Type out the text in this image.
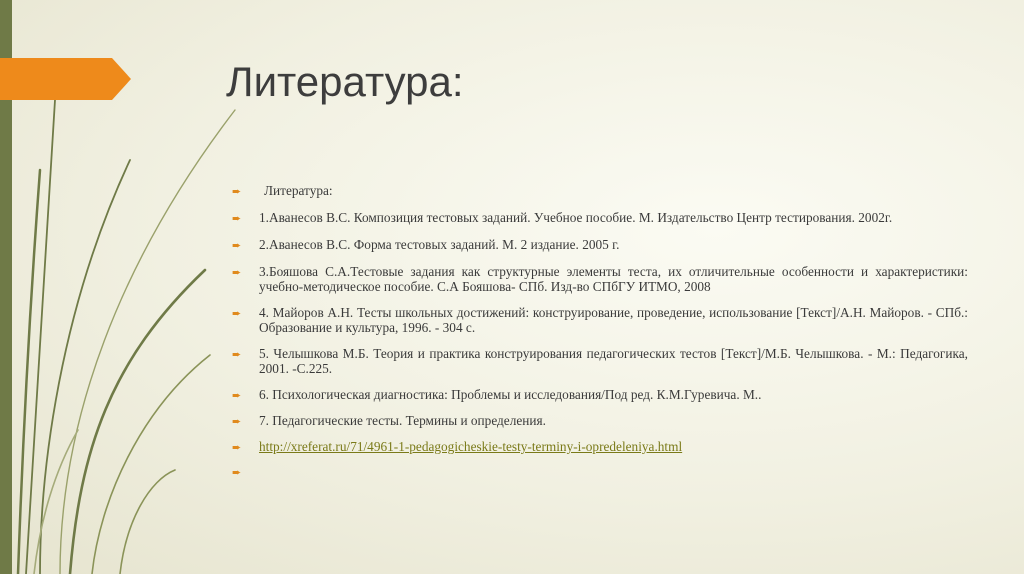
Литература:
➨ Литература:
➨ 1.Аванесов В.С. Композиция тестовых заданий. Учебное пособие. М. Издательство Центр тестирования. 2002г.
➨ 2.Аванесов В.С. Форма тестовых заданий. М. 2 издание. 2005 г.
➨ 3.Бояшова С.А.Тестовые задания как структурные элементы теста, их отличительные особенности и характеристики: учебно-методическое пособие. С.А Бояшова- СПб. Изд-во СПбГУ ИТМО, 2008
➨ 4. Майоров А.Н. Тесты школьных достижений: конструирование, проведение, использование [Текст]/А.Н. Майоров. - СПб.: Образование и культура, 1996. - 304 с.
➨ 5. Челышкова М.Б. Теория и практика конструирования педагогических тестов [Текст]/М.Б. Челышкова. - М.: Педагогика, 2001. -С.225.
➨ 6. Психологическая диагностика: Проблемы и исследования/Под ред. К.М.Гуревича. М..
➨ 7. Педагогические тесты. Термины и определения.
➨ http://xreferat.ru/71/4961-1-pedagogicheskie-testy-terminy-i-opredeleniya.html
➨
